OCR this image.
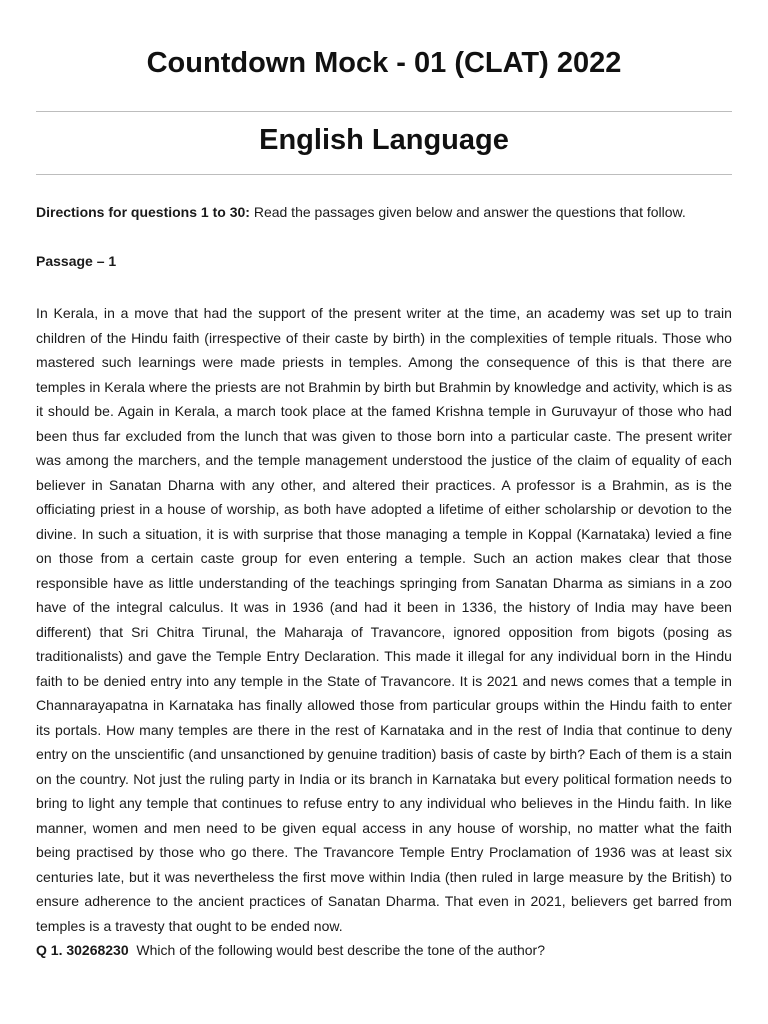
Countdown Mock - 01 (CLAT) 2022
English Language

Directions for questions 1 to 30: Read the passages given below and answer the questions that follow.

Passage – 1

In Kerala, in a move that had the support of the present writer at the time, an academy was set up to train children of the Hindu faith (irrespective of their caste by birth) in the complexities of temple rituals. Those who mastered such learnings were made priests in temples. Among the consequence of this is that there are temples in Kerala where the priests are not Brahmin by birth but Brahmin by knowledge and activity, which is as it should be. Again in Kerala, a march took place at the famed Krishna temple in Guruvayur of those who had been thus far excluded from the lunch that was given to those born into a particular caste. The present writer was among the marchers, and the temple management understood the justice of the claim of equality of each believer in Sanatan Dharna with any other, and altered their practices. A professor is a Brahmin, as is the officiating priest in a house of worship, as both have adopted a lifetime of either scholarship or devotion to the divine. In such a situation, it is with surprise that those managing a temple in Koppal (Karnataka) levied a fine on those from a certain caste group for even entering a temple. Such an action makes clear that those responsible have as little understanding of the teachings springing from Sanatan Dharma as simians in a zoo have of the integral calculus. It was in 1936 (and had it been in 1336, the history of India may have been different) that Sri Chitra Tirunal, the Maharaja of Travancore, ignored opposition from bigots (posing as traditionalists) and gave the Temple Entry Declaration. This made it illegal for any individual born in the Hindu faith to be denied entry into any temple in the State of Travancore. It is 2021 and news comes that a temple in Channarayapatna in Karnataka has finally allowed those from particular groups within the Hindu faith to enter its portals. How many temples are there in the rest of Karnataka and in the rest of India that continue to deny entry on the unscientific (and unsanctioned by genuine tradition) basis of caste by birth? Each of them is a stain on the country. Not just the ruling party in India or its branch in Karnataka but every political formation needs to bring to light any temple that continues to refuse entry to any individual who believes in the Hindu faith. In like manner, women and men need to be given equal access in any house of worship, no matter what the faith being practised by those who go there. The Travancore Temple Entry Proclamation of 1936 was at least six centuries late, but it was nevertheless the first move within India (then ruled in large measure by the British) to ensure adherence to the ancient practices of Sanatan Dharma. That even in 2021, believers get barred from temples is a travesty that ought to be ended now.

Q 1. 30268230  Which of the following would best describe the tone of the author?
